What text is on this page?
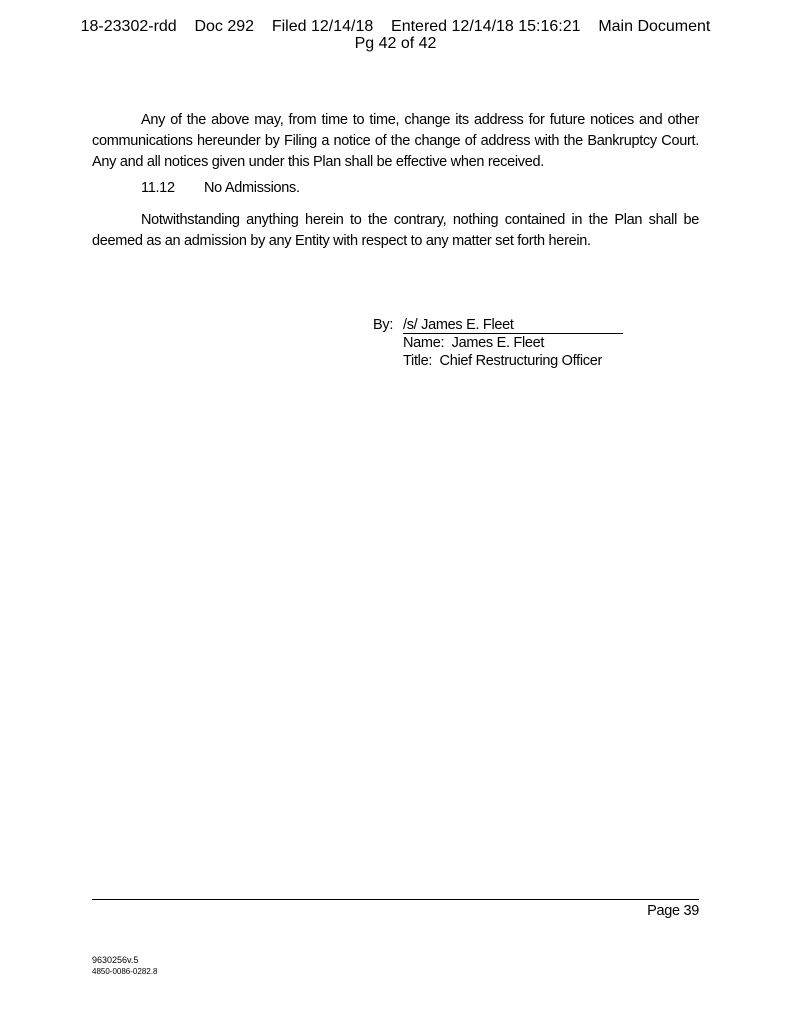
18-23302-rdd    Doc 292    Filed 12/14/18    Entered 12/14/18 15:16:21    Main Document
Pg 42 of 42
Any of the above may, from time to time, change its address for future notices and other communications hereunder by Filing a notice of the change of address with the Bankruptcy Court. Any and all notices given under this Plan shall be effective when received.
11.12 No Admissions.
Notwithstanding anything herein to the contrary, nothing contained in the Plan shall be deemed as an admission by any Entity with respect to any matter set forth herein.
By: /s/ James E. Fleet
Name:  James E. Fleet
Title:  Chief Restructuring Officer
Page 39
9630256v.5
4850-0086-0282.8
